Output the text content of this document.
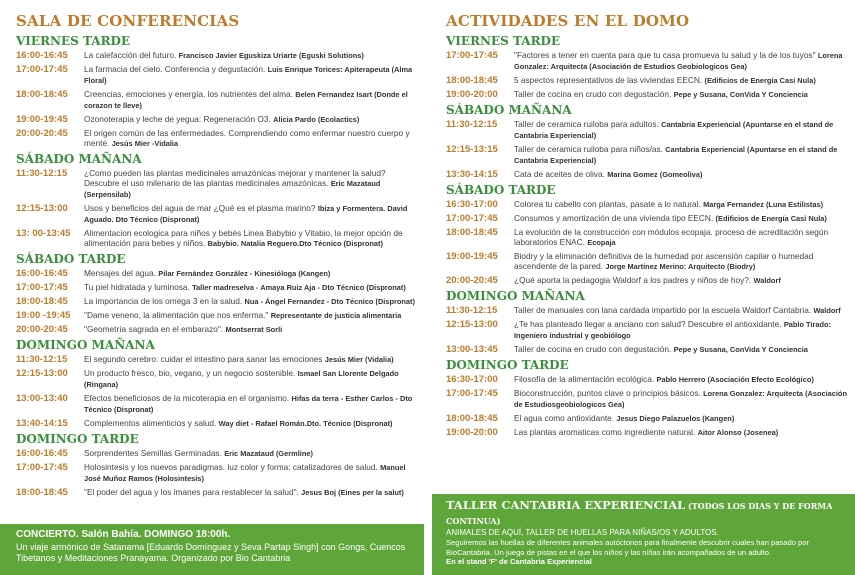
SALA DE CONFERENCIAS
VIERNES TARDE
16:00-16:45	La calefacción del futuro. Francisco Javier Eguskiza Uriarte (Eguski Solutions)
17:00-17:45	La farmacia del cielo. Conferencia y degustación. Luis Enrique Torices: Apiterapeuta (Alma Floral)
18:00-18:45	Creencias, emociones y energía, los nutrientes del alma. Belen Fernandez Isart (Donde el corazon te lleve)
19:00-19:45	Ozonoterapia y leche de yegua: Regeneración O3. Alicia Pardo (Ecolactics)
20:00-20:45	El origen común de las enfermedades. Comprendiendo como enfermar nuestro cuerpo y mente. Jesús Mier -Vidalia
SÁBADO MAÑANA
11:30-12:15	¿Como pueden las plantas medicinales amazónicas mejorar y mantener la salud? Descubre el uso milenario de las plantas medicinales amazónicas. Eric Mazataud (Serpensilab)
12:15-13:00	Usos y beneficios del agua de mar ¿Qué es el plasma marino? Ibiza y Formentera. David Aguado. Dto Técnico (Dispronat)
13: 00-13:45	Alimentacion ecologica para niños y bebés Linea Babybio y Vitabio, la mejor opción de alimentación para bebes y niños. Babybio. Natalia Reguero.Dto Técnico (Dispronat)
SÁBADO TARDE
16:00-16:45	Mensajes del agua. Pilar Fernández González - Kinesióloga (Kangen)
17:00-17:45	Tu piel hidratada y luminosa. Taller madreselva - Amaya Ruiz Aja - Dto Técnico (Dispronat)
18:00-18:45	La importancia de los omega 3 en la salud. Nua - Ángel Fernandez - Dto Técnico (Dispronat)
19:00 -19:45	"Dame veneno, la alimentación que nos enferma." Representante de justicia alimentaria
20:00-20:45	"Geometría sagrada en el embarazo". Montserrat Sorli
DOMINGO MAÑANA
11:30-12:15	El segundo cerebro: cuidar el intestino para sanar las emociones Jesús Mier (Vidalia)
12:15-13:00	Un producto fresco, bio, vegano, y un negocio sostenible. Ismael San Llorente Delgado (Ringana)
13:00-13:40	Efectos beneficiosos de la micoterapia en el organismo. Hifas da terra - Esther Carlos - Dto Técnico (Dispronat)
13:40-14:15	Complementos alimenticios y salud. Way diet - Rafael Román.Dto. Técnico (Dispronat)
DOMINGO TARDE
16:00-16:45	Sorprendentes Semillas Germinadas. Eric Mazataud (Germline)
17:00-17:45	Holosintesis y los nuevos paradigmas. luz color y forma: catalizadores de salud. Manuel José Muñoz Ramos (Holosintesis)
18:00-18:45	"El poder del agua y los imanes para restablecer la salud". Jesus Boj (Eines per la salut)
ACTIVIDADES EN EL DOMO
VIERNES TARDE
17:00-17:45	"Factores a tener en cuenta para que tu casa promueva tu salud y la de los tuyos" Lorena Gonzalez: Arquitecta (Asociación de Estudios Geobiologicos Gea)
18:00-18:45	5 aspectos representativos de las viviendas EECN. (Edificios de Energía Casi Nula)
19:00-20:00	Taller de cocina en crudo con degustación. Pepe y Susana, ConVida Y Conciencia
SÁBADO MAÑANA
11:30-12:15	Taller de ceramica ruiloba para adultos. Cantabria Experiencial (Apuntarse en el stand de Cantabria Experiencial)
12:15-13:15	Taller de ceramica ruiloba para niños/as. Cantabria Experiencial (Apuntarse en el stand de Cantabria Experiencial)
13:30-14:15	Cata de aceites de oliva. Marina Gomez (Gomeoliva)
SÁBADO TARDE
16:30-17:00	Colorea tu cabello con plantas, pasate a lo natural. Marga Fernandez (Luna Estilistas)
17:00-17:45	Consumos y amortización de una vivienda tipo EECN. (Edificios de Energía Casi Nula)
18:00-18:45	La evolución de la construcción con módulos ecopaja. proceso de acreditación según laboratorios ENAC. Ecopaja
19:00-19:45	Biodry y la eliminación definitiva de la humedad por ascensión capilar o humedad ascendente de la pared. Jorge Martínez Merino: Arquitecto (Biodry)
20:00-20:45	¿Qué aporta la pedagogia Waldorf a los padres y niños de hoy?. Waldorf
DOMINGO MAÑANA
11:30-12:15	Taller de manuales con lana cardada impartido por la escuela Waldorf Cantabria. Waldorf
12:15-13:00	¿Te has planteado llegar a anciano con salud? Descubre el antioxidante. Pablo Tirado: Ingeniero industrial y geobiólogo
13:00-13:45	Taller de cocina en crudo con degustación. Pepe y Susana, ConVida Y Conciencia
DOMINGO TARDE
16:30-17:00	Filosofía de la alimentación ecológica. Pablo Herrero (Asociación Efecto Ecológico)
17:00-17:45	Bioconstrucción, puntos clave o principios básicos. Lorena Gonzalez: Arquitecta (Asociación de Estudiosgeobiologicos Gea)
18:00-18:45	El agua como antioxidante. Jesus Diego Palazuelos (Kangen)
19:00-20:00	Las plantas aromaticas como ingrediente natural. Aitor Alonso (Josenea)
CONCIERTO. Salón Bahía. DOMINGO 18:00h.
Un viaje armónico de Satanama [Eduardo Domínguez y Seva Partap Singh] con Gongs, Cuencos Tibetanos y Meditaciones Pranayama. Organizado por Bio Cantabria
TALLER CANTABRIA EXPERIENCIAL (TODOS LOS DIAS Y DE FORMA CONTINUA)
ANIMALES DE AQUÍ, TALLER DE HUELLAS PARA NIÑAS/OS Y ADULTOS.
Seguiremos las huellas de diferentes animales autóctonos para finalmente descubrir cuales han pasado por BioCantabria. Un juego de pistas en el que los niños y las niñas irán acompañados de un adulto.
En el stand 'F' de Cantabria Experiencial
